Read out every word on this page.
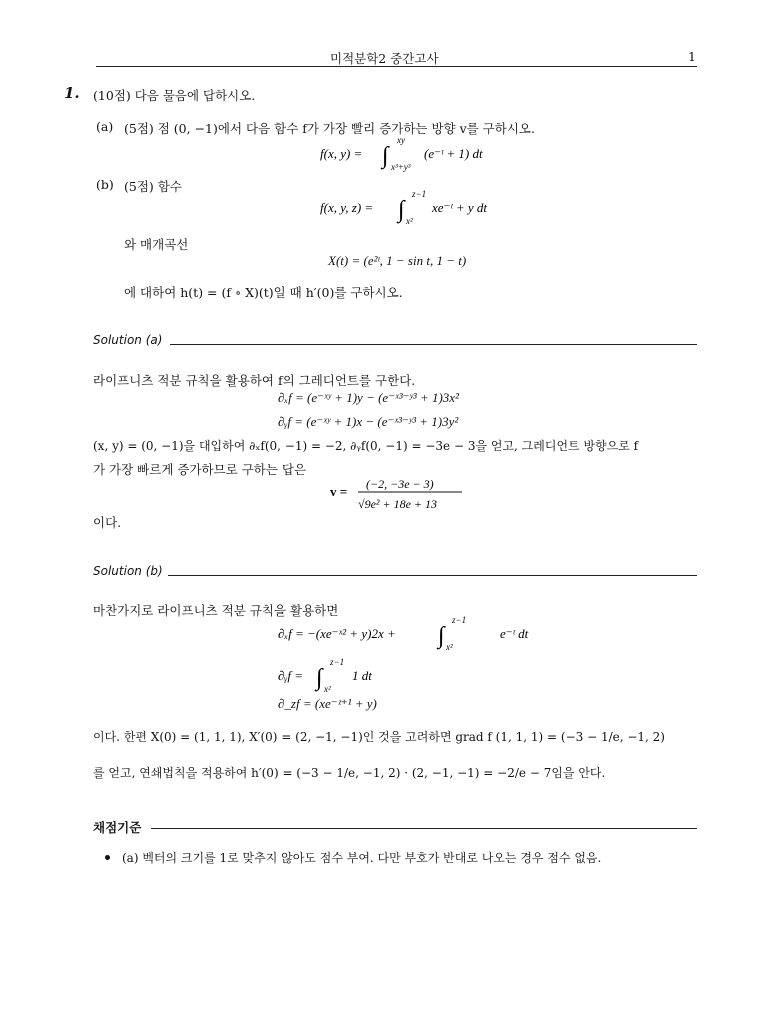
미적분학2 중간고사	1
1. (10점) 다음 물음에 답하시오.
(a) (5점) 점 (0, −1)에서 다음 함수 f가 가장 빨리 증가하는 방향 v를 구하시오.
f(x, y) = ∫
xy
x³+y³
(e⁻ᵗ + 1) dt
(b) (5점) 함수
f(x, y, z) = ∫
z−1
x²
xe⁻ᵗ + y dt
와 매개곡선
X(t) = (e²ᵗ, 1 − sin t, 1 − t)
에 대하여 h(t) = (f ∘ X)(t)일 때 h′(0)를 구하시오.
Solution (a)
라이프니츠 적분 규칙을 활용하여 f의 그레디언트를 구한다.
∂ₓf = (e⁻ˣʸ + 1)y − (e⁻ˣ³⁻ʸ³ + 1)3x²
∂ᵧf = (e⁻ˣʸ + 1)x − (e⁻ˣ³⁻ʸ³ + 1)3y²
(x, y) = (0, −1)을 대입하여 ∂ₓf(0, −1) = −2, ∂ᵧf(0, −1) = −3e − 3을 얻고, 그레디언트 방향으로 f
가 가장 빠르게 증가하므로 구하는 답은
v = (−2, −3e − 3)
√9e² + 18e + 13
이다.
Solution (b)
마찬가지로 라이프니츠 적분 규칙을 활용하면
∂ₓf = −(xe⁻ˣ² + y)2x + ∫
z−1
x²
e⁻ᵗ dt
∂ᵧf = ∫
z−1
x²
1 dt
∂_zf = (xe⁻ᶻ⁺¹ + y)
이다. 한편 X(0) = (1, 1, 1), X′(0) = (2, −1, −1)인 것을 고려하면 grad f (1, 1, 1) = (−3 − 1/e, −1, 2)
를 얻고, 연쇄법칙을 적용하여 h′(0) = (−3 − 1/e, −1, 2) · (2, −1, −1) = −2/e − 7임을 안다.
채점기준
(a) 벡터의 크기를 1로 맞추지 않아도 점수 부여. 다만 부호가 반대로 나오는 경우 점수 없음.
